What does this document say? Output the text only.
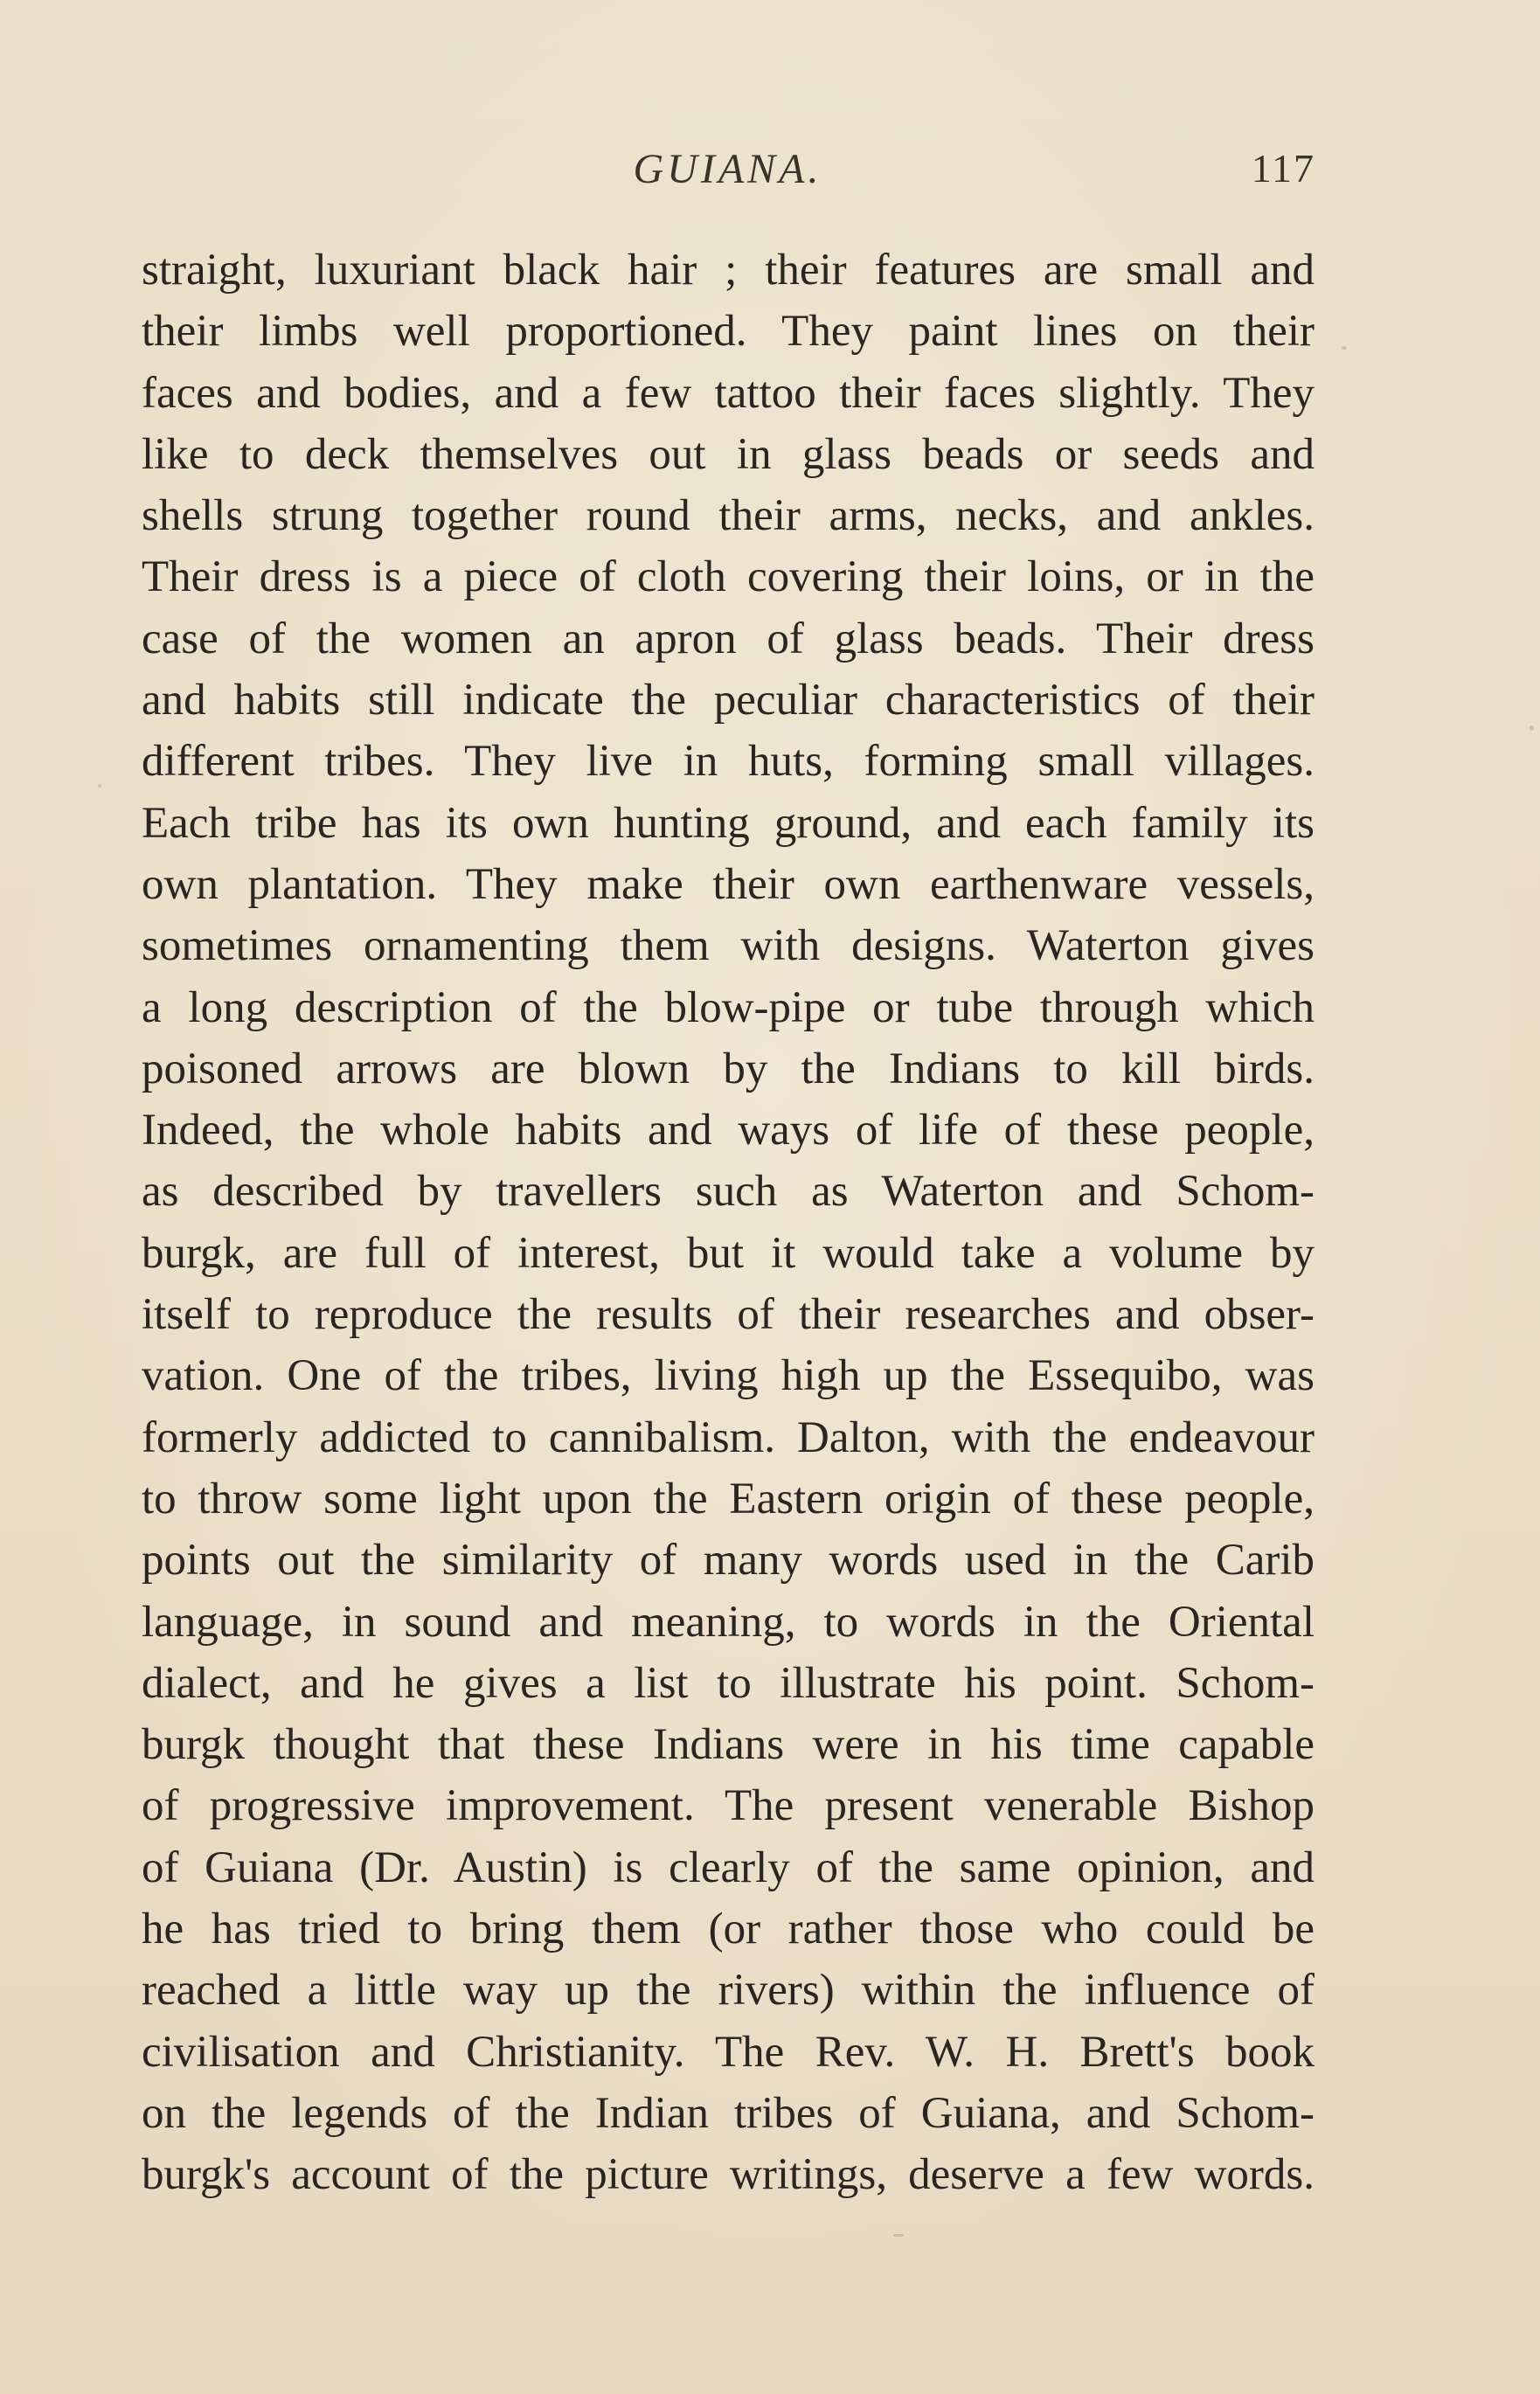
GUIANA.	117
straight, luxuriant black hair ; their features are small and
their limbs well proportioned. They paint lines on their
faces and bodies, and a few tattoo their faces slightly. They
like to deck themselves out in glass beads or seeds and
shells strung together round their arms, necks, and ankles.
Their dress is a piece of cloth covering their loins, or in the
case of the women an apron of glass beads. Their dress
and habits still indicate the peculiar characteristics of their
different tribes. They live in huts, forming small villages.
Each tribe has its own hunting ground, and each family its
own plantation. They make their own earthenware vessels,
sometimes ornamenting them with designs. Waterton gives
a long description of the blow-pipe or tube through which
poisoned arrows are blown by the Indians to kill birds.
Indeed, the whole habits and ways of life of these people,
as described by travellers such as Waterton and Schom-
burgk, are full of interest, but it would take a volume by
itself to reproduce the results of their researches and obser-
vation. One of the tribes, living high up the Essequibo, was
formerly addicted to cannibalism. Dalton, with the endeavour
to throw some light upon the Eastern origin of these people,
points out the similarity of many words used in the Carib
language, in sound and meaning, to words in the Oriental
dialect, and he gives a list to illustrate his point. Schom-
burgk thought that these Indians were in his time capable
of progressive improvement. The present venerable Bishop
of Guiana (Dr. Austin) is clearly of the same opinion, and
he has tried to bring them (or rather those who could be
reached a little way up the rivers) within the influence of
civilisation and Christianity. The Rev. W. H. Brett's book
on the legends of the Indian tribes of Guiana, and Schom-
burgk's account of the picture writings, deserve a few words.
